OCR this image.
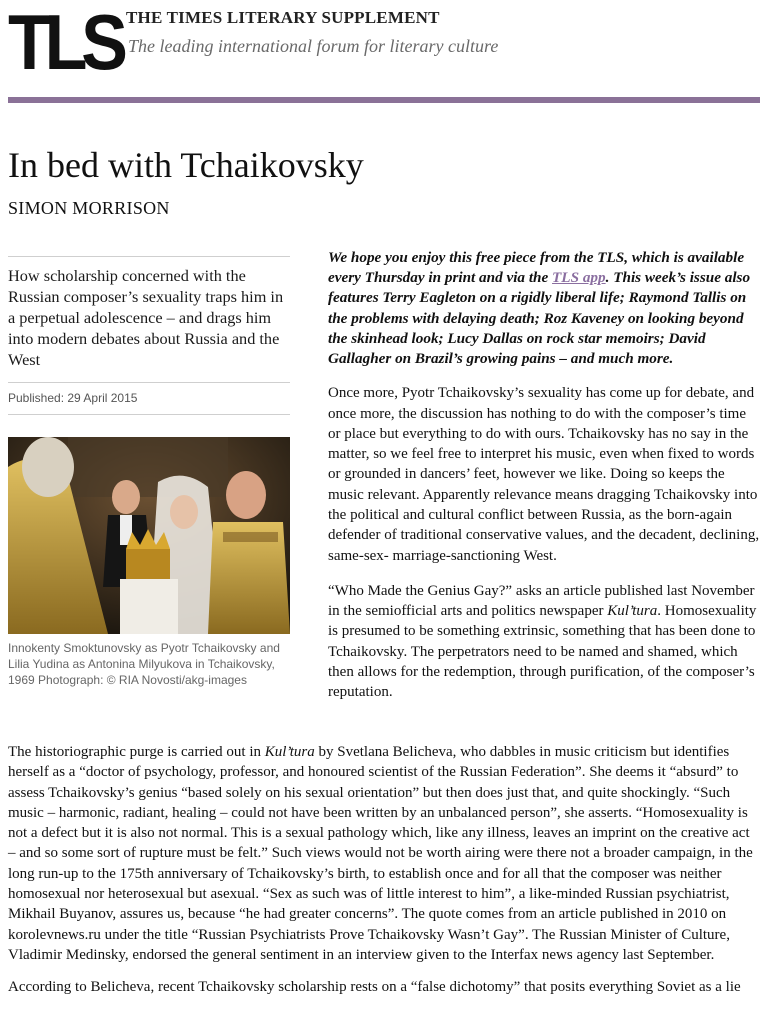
TLS THE TIMES LITERARY SUPPLEMENT
The leading international forum for literary culture
In bed with Tchaikovsky
SIMON MORRISON

How scholarship concerned with the Russian composer’s sexuality traps him in a perpetual adolescence – and drags him into modern debates about Russia and the West

Published: 29 April 2015
Innokenty Smoktunovsky as Pyotr Tchaikovsky and Lilia Yudina as Antonina Milyukova in Tchaikovsky, 1969 Photograph: © RIA Novosti/akg-images

We hope you enjoy this free piece from the TLS, which is available every Thursday in print and via the TLS app. This week’s issue also features Terry Eagleton on a rigidly liberal life; Raymond Tallis on the problems with delaying death; Roz Kaveney on looking beyond the skinhead look; Lucy Dallas on rock star memoirs; David Gallagher on Brazil’s growing pains – and much more.

Once more, Pyotr Tchaikovsky’s sexuality has come up for debate, and once more, the discussion has nothing to do with the composer’s time or place but everything to do with ours. Tchaikovsky has no say in the matter, so we feel free to interpret his music, even when fixed to words or grounded in dancers’ feet, however we like. Doing so keeps the music relevant. Apparently relevance means dragging Tchaikovsky into the political and cultural conflict between Russia, as the born-again defender of traditional conservative values, and the decadent, declining, same-sex- marriage-sanctioning West.

“Who Made the Genius Gay?” asks an article published last November in the semiofficial arts and politics newspaper Kul’tura. Homosexuality is presumed to be something extrinsic, something that has been done to Tchaikovsky. The perpetrators need to be named and shamed, which then allows for the redemption, through purification, of the composer’s reputation.

The historiographic purge is carried out in Kul’tura by Svetlana Belicheva, who dabbles in music criticism but identifies herself as a “doctor of psychology, professor, and honoured scientist of the Russian Federation”. She deems it “absurd” to assess Tchaikovsky’s genius “based solely on his sexual orientation” but then does just that, and quite shockingly. “Such music – harmonic, radiant, healing – could not have been written by an unbalanced person”, she asserts. “Homosexuality is not a defect but it is also not normal. This is a sexual pathology which, like any illness, leaves an imprint on the creative act – and so some sort of rupture must be felt.” Such views would not be worth airing were there not a broader campaign, in the long run-up to the 175th anniversary of Tchaikovsky’s birth, to establish once and for all that the composer was neither homosexual nor heterosexual but asexual. “Sex as such was of little interest to him”, a like-minded Russian psychiatrist, Mikhail Buyanov, assures us, because “he had greater concerns”. The quote comes from an article published in 2010 on korolevnews.ru under the title “Russian Psychiatrists Prove Tchaikovsky Wasn’t Gay”. The Russian Minister of Culture, Vladimir Medinsky, endorsed the general sentiment in an interview given to the Interfax news agency last September.

According to Belicheva, recent Tchaikovsky scholarship rests on a “false dichotomy” that posits everything Soviet as a lie
